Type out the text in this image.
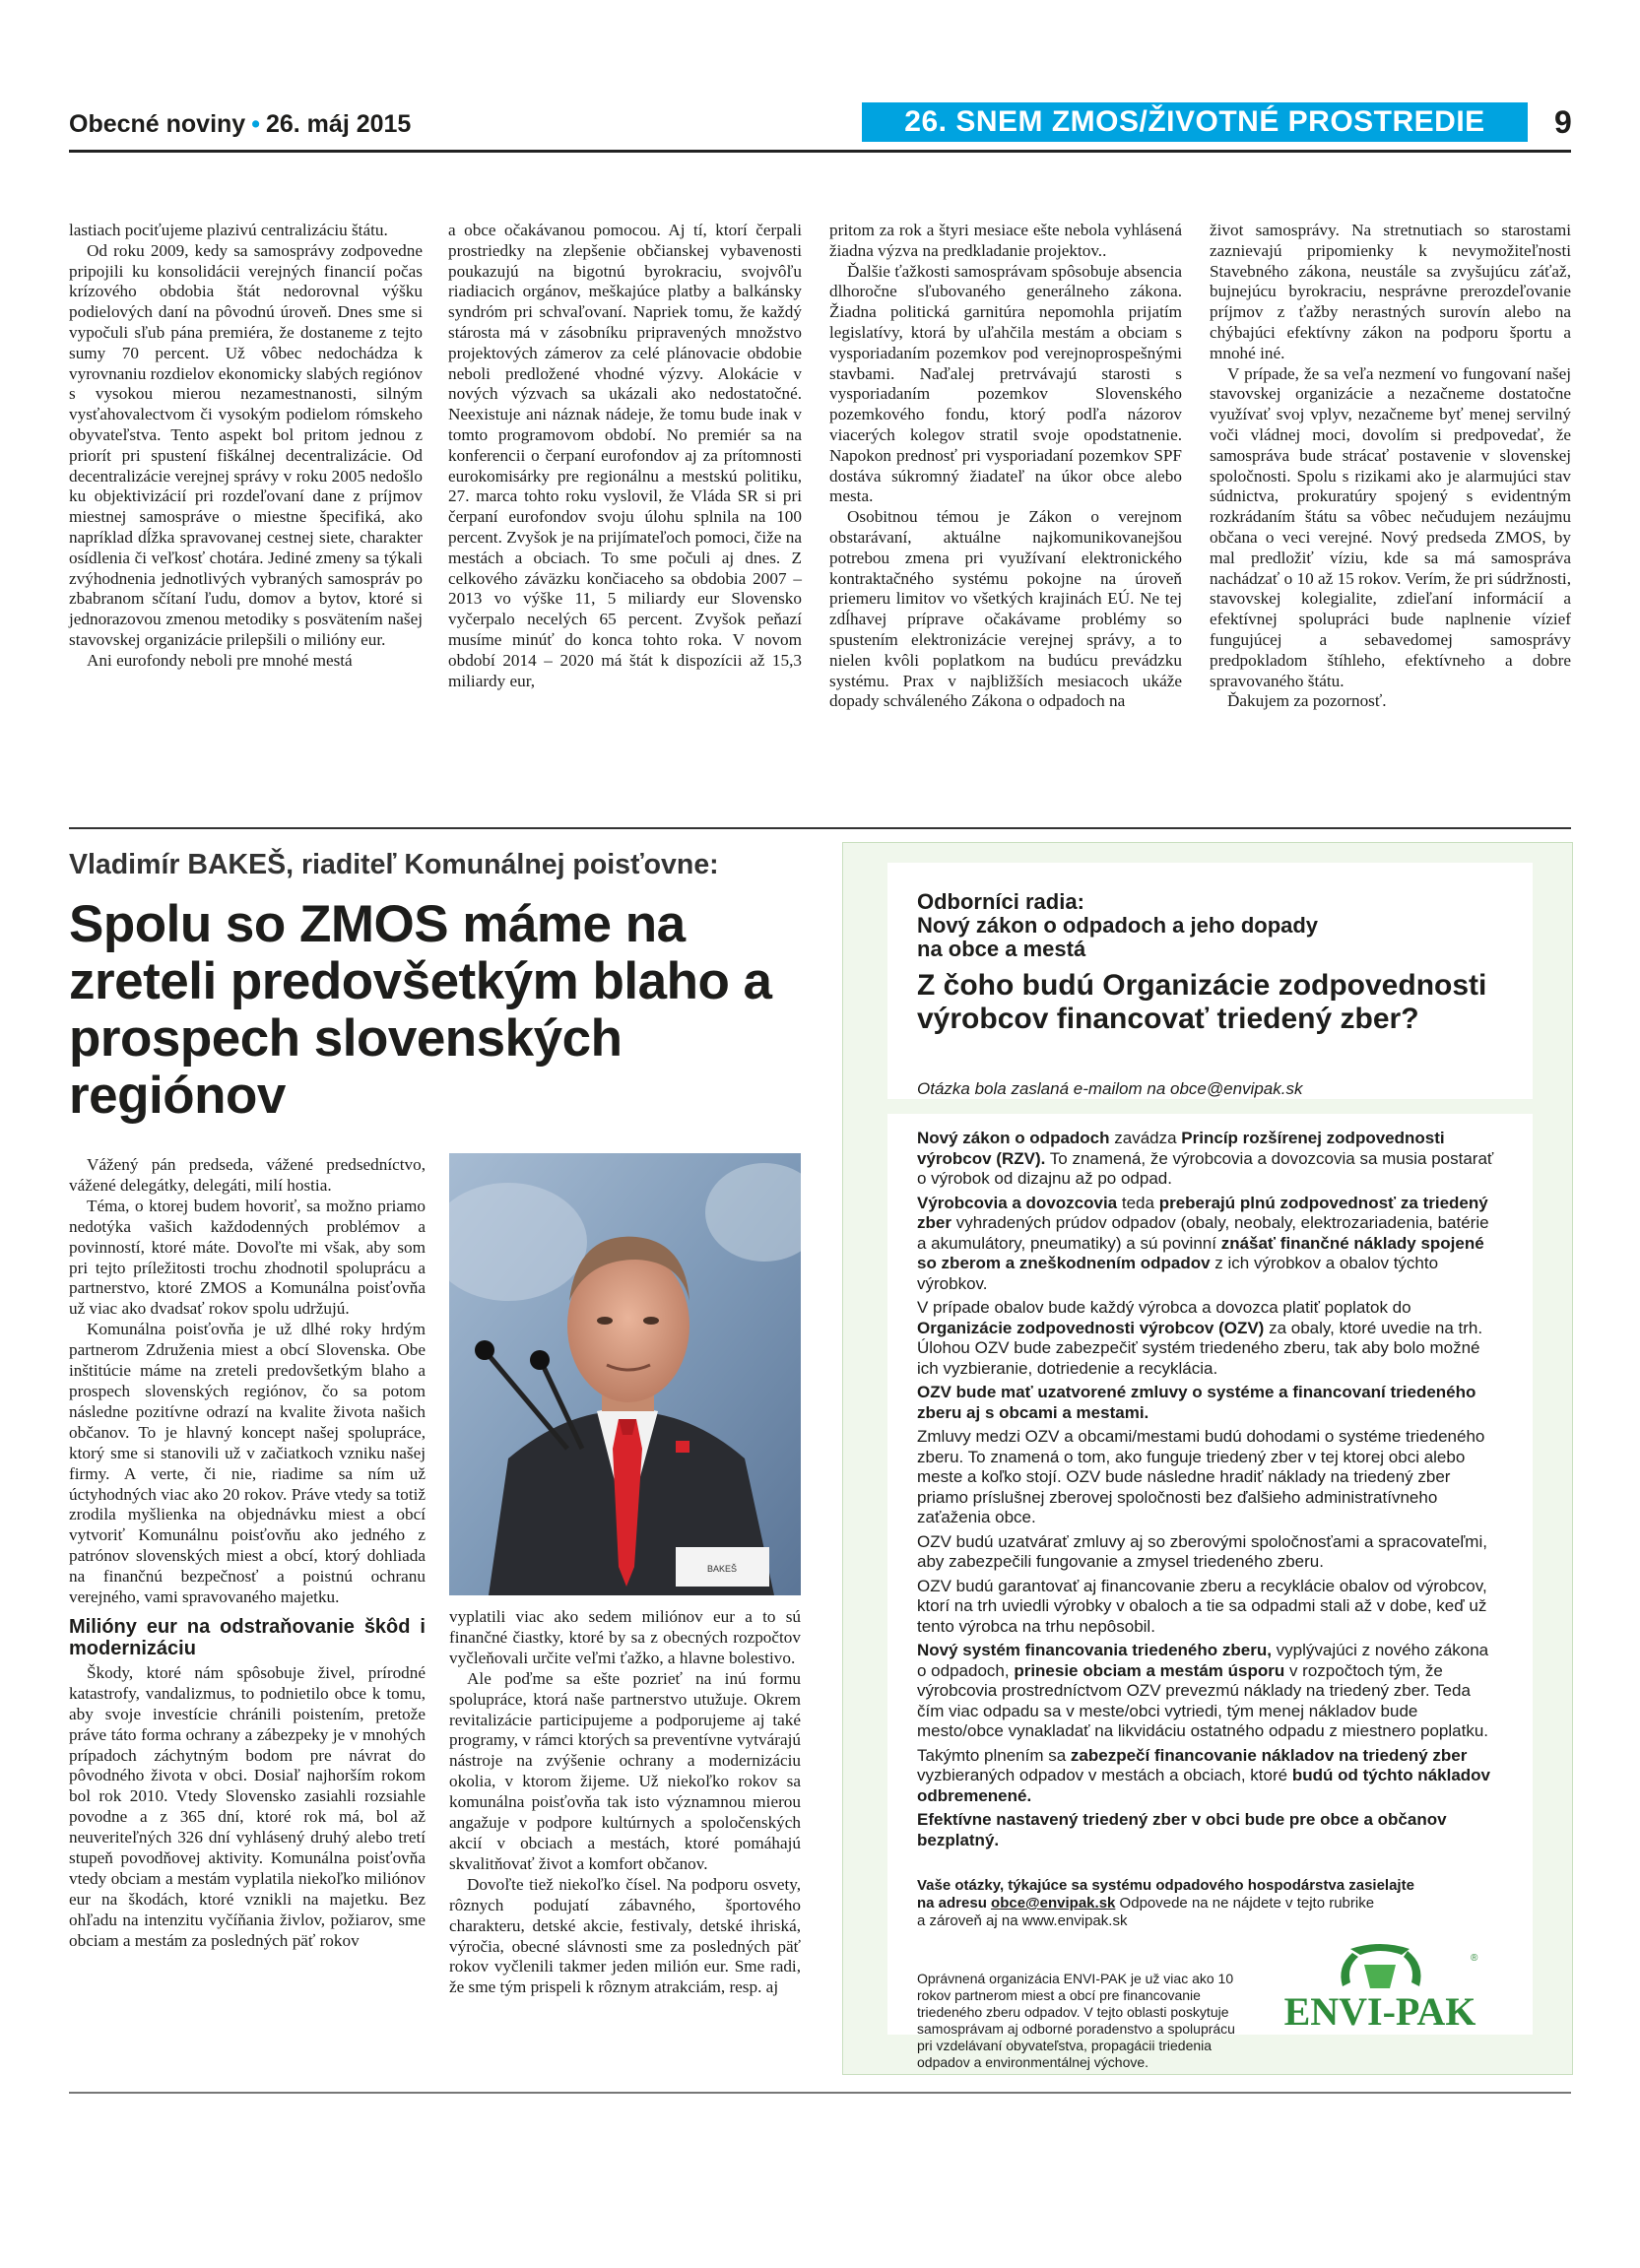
Obecné noviny • 26. máj 2015	26. SNEM ZMOS/ŽIVOTNÉ PROSTREDIE	9

lastiach pociťujeme plazivú centralizáciu štátu.

Od roku 2009, kedy sa samosprávy zodpovedne pripojili ku konsolidácii verejných financií počas krízového obdobia štát nedorovnal výšku podielových daní na pôvodnú úroveň. Dnes sme si vypočuli sľub pána premiéra, že dostaneme z tejto sumy 70 percent. Už vôbec nedochádza k vyrovnaniu rozdielov ekonomicky slabých regiónov s vysokou mierou nezamestnanosti, silným vysťahovalectvom či vysokým podielom rómskeho obyvateľstva. Tento aspekt bol pritom jednou z priorít pri spustení fiškálnej decentralizácie. Od decentralizácie verejnej správy v roku 2005 nedošlo ku objektivizácií pri rozdeľovaní dane z príjmov miestnej samosprávе o miestne špecifiká, ako napríklad dĺžka spravovanej cestnej siete, charakter osídlenia či veľkosť chotára. Jediné zmeny sa týkali zvýhodnenia jednotlivých vybraných samospráv po zbabranom sčítaní ľudu, domov a bytov, ktoré si jednorazovou zmenou metodiky s posvätením našej stavovskej organizácie prilepšili o milióny eur.

Ani eurofondy neboli pre mnohé mestá

a obce očakávanou pomocou. Aj tí, ktorí čerpali prostriedky na zlepšenie občianskej vybavenosti poukazujú na bigotnú byrokraciu, svojvôľu riadiacich orgánov, meškajúce platby a balkánsky syndróm pri schvaľovaní. Napriek tomu, že každý stárosta má v zásobníku pripravených množstvo projektových zámerov za celé plánovacie obdobie neboli predložené vhodné výzvy. Alokácie v nových výzvach sa ukázali ako nedostatočné. Neexistuje ani náznak nádeje, že tomu bude inak v tomto programovom období. No premiér sa na konferencii o čerpaní eurofondov aj za prítomnosti eurokomisárky pre regionálnu a mestskú politiku, 27. marca tohto roku vyslovil, že Vláda SR si pri čerpaní eurofondov svoju úlohu splnila na 100 percent. Zvyšok je na prijímateľoch pomoci, čiže na mestách a obciach. To sme počuli aj dnes. Z celkového záväzku končiaceho sa obdobia 2007 – 2013 vo výške 11, 5 miliardy eur Slovensko vyčerpalo necelých 65 percent. Zvyšok peňazí musíme minúť do konca tohto roka. V novom období 2014 – 2020 má štát k dispozícii až 15,3 miliardy eur,

pritom za rok a štyri mesiace ešte nebola vyhlásená žiadna výzva na predkladanie projektov..

Ďalšie ťažkosti samosprávam spôsobuje absencia dlhoročne sľubovaného generálneho zákona. Žiadna politická garnitúra nepomohla prijatím legislatívy, ktorá by uľahčila mestám a obciam s vysporiadaním pozemkov pod verejnoprospešnými stavbami. Naďalej pretrvávajú starosti s vysporiadaním pozemkov Slovenského pozemkového fondu, ktorý podľa názorov viacerých kolegov stratil svoje opodstatnenie. Napokon prednosť pri vysporiadaní pozemkov SPF dostáva súkromný žiadateľ na úkor obce alebo mesta.

Osobitnou témou je Zákon o verejnom obstarávaní, aktuálne najkomunikovanejšou potrebou zmena pri využívaní elektronického kontraktačného systému pokojne na úroveň priemeru limitov vo všetkých krajinách EÚ. Ne tej zdĺhavej príprave očakávame problémy so spustením elektronizácie verejnej správy, a to nielen kvôli poplatkom na budúcu prevádzku systému. Prax v najbližších mesiacoch ukáže dopady schváleného Zákona o odpadoch na

život samosprávy. Na stretnutiach so starostami zaznievajú pripomienky k nevymožiteľnosti Stavebného zákona, neustále sa zvyšujúcu záťaž, bujnejúcu byrokraciu, nesprávne prerozdeľovanie príjmov z ťažby nerastných surovín alebo na chýbajúci efektívny zákon na podporu športu a mnohé iné.

V prípade, že sa veľa nezmení vo fungovaní našej stavovskej organizácie a nezačneme dostatočne využívať svoj vplyv, nezačneme byť menej servilný voči vládnej moci, dovolím si predpovedať, že samospráva bude strácať postavenie v slovenskej spoločnosti. Spolu s rizikami ako je alarmujúci stav súdnictva, prokuratúry spojený s evidentným rozkrádaním štátu sa vôbec nečudujem nezáujmu občana o veci verejné. Nový predseda ZMOS, by mal predložiť víziu, kde sa má samospráva nachádzať o 10 až 15 rokov. Verím, že pri súdržnosti, stavovskej kolegialite, zdieľaní informácií a efektívnej spolupráci bude naplnenie vízief fungujúcej a sebavedomej samosprávy predpokladom štíhleho, efektívneho a dobre spravovaného štátu.

Ďakujem za pozornosť.

Vladimír BAKEŠ, riaditeľ Komunálnej poisťovne:
Spolu so ZMOS máme na zreteli predovšetkým blaho a prospech slovenských regiónov

Vážený pán predseda, vážené predsedníctvo, vážené delegátky, delegáti, milí hostia.

Téma, o ktorej budem hovoriť, sa možno priamo nedotýka vašich každodenných problémov a povinností, ktoré máte. Dovoľte mi však, aby som pri tejto príležitosti trochu zhodnotil spoluprácu a partnerstvo, ktoré ZMOS a Komunálna poisťovňa už viac ako dvadsať rokov spolu udržujú.

Komunálna poisťovňa je už dlhé roky hrdým partnerom Združenia miest a obcí Slovenska. Obe inštitúcie máme na zreteli predovšetkým blaho a prospech slovenských regiónov, čo sa potom následne pozitívne odrazí na kvalite života našich občanov. To je hlavný koncept našej spolupráce, ktorý sme si stanovili už v začiatkoch vzniku našej firmy. A verte, či nie, riadime sa ním už úctyhodných viac ako 20 rokov. Práve vtedy sa totiž zrodila myšlienka na objednávku miest a obcí vytvoriť Komunálnu poisťovňu ako jedného z patrónov slovenských miest a obcí, ktorý dohliada na finančnú bezpečnosť a poistnú ochranu verejného, vami spravovaného majetku.

Milióny eur na odstraňovanie škôd i modernizáciu

Škody, ktoré nám spôsobuje živel, prírodné katastrofy, vandalizmus, to podnietilo obce k tomu, aby svoje investície chránili poistením, pretože práve táto forma ochrany a zábezpeky je v mnohých prípadoch záchytným bodom pre návrat do pôvodného života v obci. Dosiaľ najhorším rokom bol rok 2010. Vtedy Slovensko zasiahli rozsiahle povodne a z 365 dní, ktoré rok má, bol až neuveriteľných 326 dní vyhlásený druhý alebo tretí stupeň povodňovej aktivity. Komunálna poisťovňa vtedy obciam a mestám vyplatila niekoľko miliónov eur na škodách, ktoré vznikli na majetku. Bez ohľadu na intenzitu vyčíňania živlov, požiarov, sme obciam a mestám za posledných päť rokov

BAKEŠ

vyplatili viac ako sedem miliónov eur a to sú finančné čiastky, ktoré by sa z obecných rozpočtov vyčleňovali určite veľmi ťažko, a hlavne bolestivo.

Ale poďme sa ešte pozrieť na inú formu spolupráce, ktorá naše partnerstvo utužuje. Okrem revitalizácie participujeme a podporujeme aj také programy, v rámci ktorých sa preventívne vytvárajú nástroje na zvýšenie ochrany a modernizáciu okolia, v ktorom žijeme. Už niekoľko rokov sa komunálna poisťovňa tak isto významnou mierou angažuje v podpore kultúrnych a spoločenských akcií v obciach a mestách, ktoré pomáhajú skvalitňovať život a komfort občanov.

Dovoľte tiež niekoľko čísel. Na podporu osvety, rôznych podujatí zábavného, športového charakteru, detské akcie, festivaly, detské ihriská, výročia, obecné slávnosti sme za posledných päť rokov vyčlenili takmer jeden milión eur. Sme radi, že sme tým prispeli k rôznym atrakciám, resp. aj

Odborníci radia:
Nový zákon o odpadoch a jeho dopady
na obce a mestá
Z čoho budú Organizácie zodpovednosti výrobcov financovať triedený zber?
Otázka bola zaslaná e-mailom na obce@envipak.sk

Nový zákon o odpadoch zavádza Princíp rozšírenej zodpovednosti výrobcov (RZV). To znamená, že výrobcovia a dovozcovia sa musia postarať o výrobok od dizajnu až po odpad.

Výrobcovia a dovozcovia teda preberajú plnú zodpovednosť za triedený zber vyhradených prúdov odpadov (obaly, neobaly, elektrozariadenia, batérie a akumulátory, pneumatiky) a sú povinní znášať finančné náklady spojené so zberom a zneškodnením odpadov z ich výrobkov a obalov týchto výrobkov.

V prípade obalov bude každý výrobca a dovozca platiť poplatok do Organizácie zodpovednosti výrobcov (OZV) za obaly, ktoré uvedie na trh. Úlohou OZV bude zabezpečiť systém triedeného zberu, tak aby bolo možné ich vyzbieranie, dotriedenie a recyklácia.

OZV bude mať uzatvorené zmluvy o systéme a financovaní triedeného zberu aj s obcami a mestami.

Zmluvy medzi OZV a obcami/mestami budú dohodami o systéme triedeného zberu. To znamená o tom, ako funguje triedený zber v tej ktorej obci alebo meste a koľko stojí. OZV bude následne hradiť náklady na triedený zber priamo príslušnej zberovej spoločnosti bez ďalšieho administratívneho zaťaženia obce.

OZV budú uzatvárať zmluvy aj so zberovými spoločnosťami a spracovateľmi, aby zabezpečili fungovanie a zmysel triedeného zberu.

OZV budú garantovať aj financovanie zberu a recyklácie obalov od výrobcov, ktorí na trh uviedli výrobky v obaloch a tie sa odpadmi stali až v dobe, keď už tento výrobca na trhu nepôsobil.

Nový systém financovania triedeného zberu, vyplývajúci z nového zákona o odpadoch, prinesie obciam a mestám úsporu v rozpočtoch tým, že výrobcovia prostredníctvom OZV prevezmú náklady na triedený zber. Teda čím viac odpadu sa v meste/obci vytriedi, tým menej nákladov bude mesto/obce vynakladať na likvidáciu ostatného odpadu z miestnero poplatku.

Takýmto plnením sa zabezpečí financovanie nákladov na triedený zber vyzbieraných odpadov v mestách a obciach, ktoré budú od týchto nákladov odbremenené.

Efektívne nastavený triedený zber v obci bude pre obce a občanov bezplatný.

Vaše otázky, týkajúce sa systému odpadového hospodárstva zasielajte
na adresu obce@envipak.sk Odpovede na ne nájdete v tejto rubrike
a zároveň aj na www.envipak.sk
Oprávnená organizácia ENVI-PAK je už viac ako 10 rokov partnerom miest a obcí pre financovanie triedeného zberu odpadov. V tejto oblasti poskytuje samosprávam aj odborné poradenstvo a spoluprácu pri vzdelávaní obyvateľstva, propagácii triedenia odpadov a environmentálnej výchove.
ENVI-PAK
®
